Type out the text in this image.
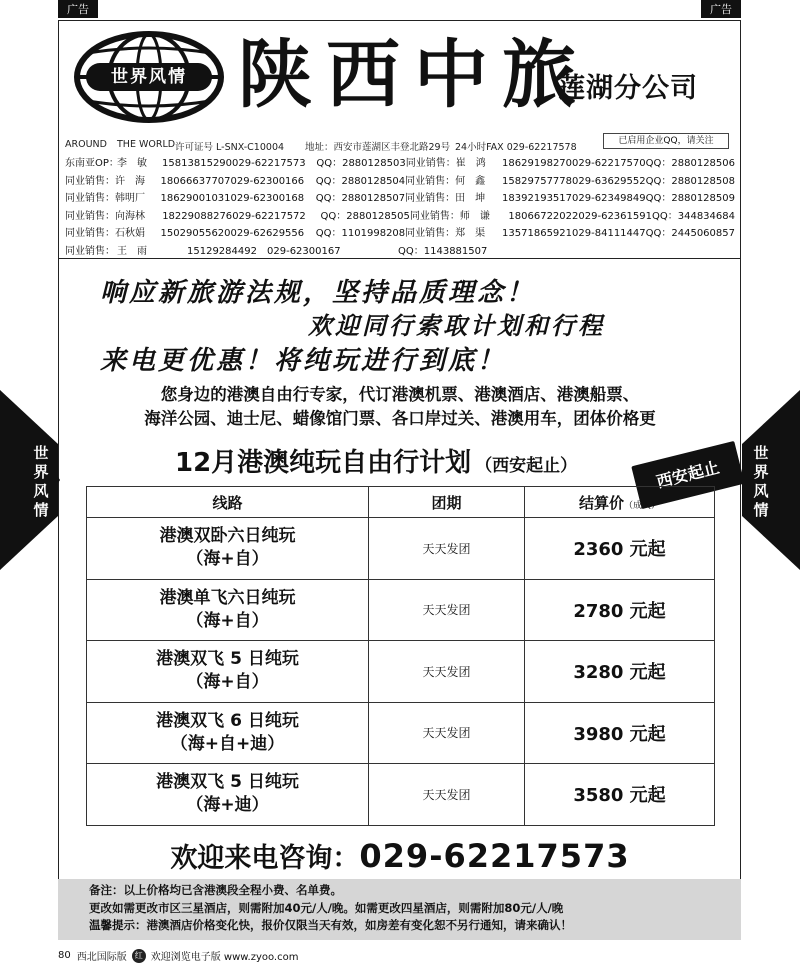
广告	广告
世界风情 陕西中旅
莲湖分公司
AROUND THE WORLD 许可证号 L-SNX-C10004 地址：西安市莲湖区丰登北路29号 24小时FAX 029-62217578
已启用企业QQ，请关注
东南亚OP：
李　敏	15813815290 029-62217573	QQ：2880128503 同业销售： 崔　鸿	18629198270 029-62217570 QQ：2880128506
同业销售： 许　海	18066637707 029-62300166	QQ：2880128504 同业销售： 何　鑫	15829757778 029-63629552 QQ：2880128508
同业销售： 韩明厂	18629001031 029-62300168	QQ：2880128507 同业销售： 田　坤	18392193517 029-62349849 QQ：2880128509
同业销售： 向海林	18229088276 029-62217572	QQ：2880128505 同业销售： 师　谦	18066722022 029-62361591 QQ：344834684
同业销售： 石秋娟	15029055620 029-62629556	QQ：1101998208 同业销售： 郑　渠	13571865921 029-84111447 QQ：2445060857
同业销售： 王　雨	15129284492	029-62300167	QQ：1143881507
响应新旅游法规，坚持品质理念！
欢迎同行索取计划和行程
来电更优惠！将纯玩进行到底！
您身边的港澳自由行专家，代订港澳机票、港澳酒店、港澳船票、
海洋公园、迪士尼、蜡像馆门票、各口岸过关、港澳用车，团体价格更
12月港澳纯玩自由行计划 （西安起止）	西安起止
世
界
风
情
世
界
风
情
线路	团期	结算价（成人）

港澳双卧六日纯玩
（海+自）	天天发团	2360 元起

港澳单飞六日纯玩
（海+自）	天天发团	2780 元起

港澳双飞 5 日纯玩
（海+自）	天天发团	3280 元起

港澳双飞 6 日纯玩
（海+自+迪）	天天发团	3980 元起

港澳双飞 5 日纯玩
（海+迪）	天天发团	3580 元起
欢迎来电咨询：029-62217573
备注：以上价格均已含港澳段全程小费、名单费。
更改如需更改市区三星酒店，则需附加40元/人/晚。如需更改四星酒店，则需附加80元/人/晚
温馨提示：港澳酒店价格变化快，报价仅限当天有效，如房差有变化恕不另行通知，请来确认！
80 西北国际版	红 欢迎浏览电子版 www.zyoo.com
